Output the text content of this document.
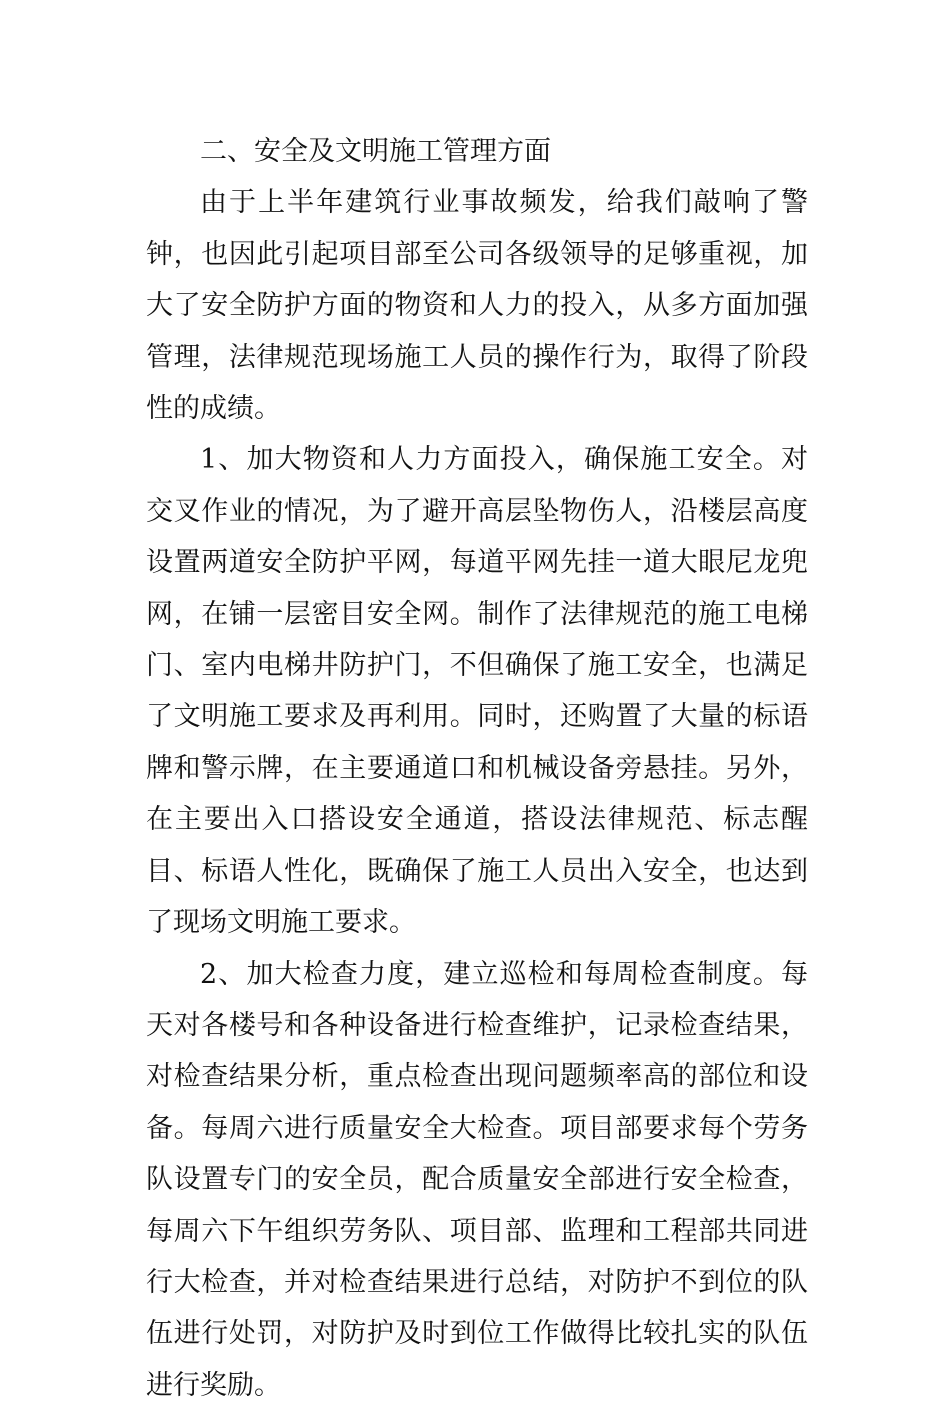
二、安全及文明施工管理方面

由于上半年建筑行业事故频发，给我们敲响了警钟，也因此引起项目部至公司各级领导的足够重视，加大了安全防护方面的物资和人力的投入，从多方面加强管理，法律规范现场施工人员的操作行为，取得了阶段性的成绩。

1、加大物资和人力方面投入，确保施工安全。对交叉作业的情况，为了避开高层坠物伤人，沿楼层高度设置两道安全防护平网，每道平网先挂一道大眼尼龙兜网，在铺一层密目安全网。制作了法律规范的施工电梯门、室内电梯井防护门，不但确保了施工安全，也满足了文明施工要求及再利用。同时，还购置了大量的标语牌和警示牌，在主要通道口和机械设备旁悬挂。另外，在主要出入口搭设安全通道，搭设法律规范、标志醒目、标语人性化，既确保了施工人员出入安全，也达到了现场文明施工要求。

2、加大检查力度，建立巡检和每周检查制度。每天对各楼号和各种设备进行检查维护，记录检查结果，对检查结果分析，重点检查出现问题频率高的部位和设备。每周六进行质量安全大检查。项目部要求每个劳务队设置专门的安全员，配合质量安全部进行安全检查，每周六下午组织劳务队、项目部、监理和工程部共同进行大检查，并对检查结果进行总结，对防护不到位的队伍进行处罚，对防护及时到位工作做得比较扎实的队伍进行奖励。
